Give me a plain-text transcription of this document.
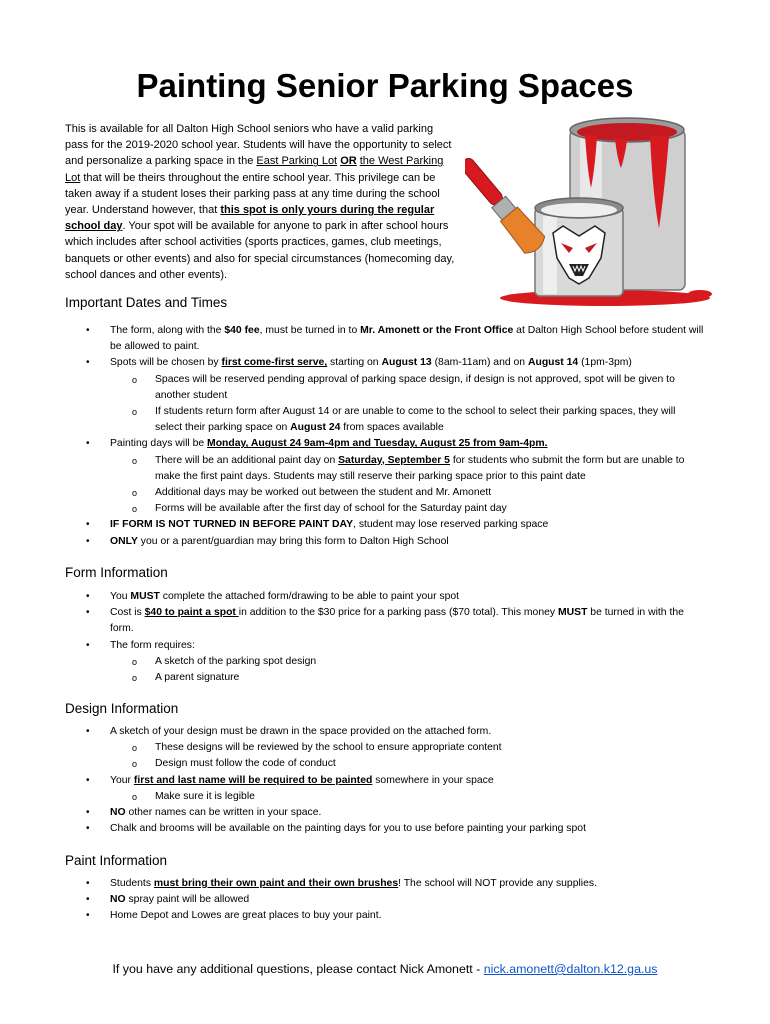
Painting Senior Parking Spaces

This is available for all Dalton High School seniors who have a valid parking pass for the 2019-2020 school year. Students will have the opportunity to select and personalize a parking space in the East Parking Lot OR the West Parking Lot that will be theirs throughout the entire school year. This privilege can be taken away if a student loses their parking pass at any time during the school year. Understand however, that this spot is only yours during the regular school day. Your spot will be available for anyone to park in after school hours which includes after school activities (sports practices, games, club meetings, banquets or other events) and also for special circumstances (homecoming day, school dances and other events).

Important Dates and Times
• The form, along with the $40 fee, must be turned in to Mr. Amonett or the Front Office at Dalton High School before student will be allowed to paint.
• Spots will be chosen by first come-first serve, starting on August 13 (8am-11am) and on August 14 (1pm-3pm)
o Spaces will be reserved pending approval of parking space design, if design is not approved, spot will be given to another student
o If students return form after August 14 or are unable to come to the school to select their parking spaces, they will select their parking space on August 24 from spaces available
• Painting days will be Monday, August 24 9am-4pm and Tuesday, August 25 from 9am-4pm.
o There will be an additional paint day on Saturday, September 5 for students who submit the form but are unable to make the first paint days. Students may still reserve their parking space prior to this paint date
o Additional days may be worked out between the student and Mr. Amonett
o Forms will be available after the first day of school for the Saturday paint day
• IF FORM IS NOT TURNED IN BEFORE PAINT DAY, student may lose reserved parking space
• ONLY you or a parent/guardian may bring this form to Dalton High School
Form Information
• You MUST complete the attached form/drawing to be able to paint your spot
• Cost is $40 to paint a spot in addition to the $30 price for a parking pass ($70 total). This money MUST be turned in with the form.
• The form requires:
o A sketch of the parking spot design
o A parent signature
Design Information
• A sketch of your design must be drawn in the space provided on the attached form.
o These designs will be reviewed by the school to ensure appropriate content
o Design must follow the code of conduct
• Your first and last name will be required to be painted somewhere in your space
o Make sure it is legible
• NO other names can be written in your space.
• Chalk and brooms will be available on the painting days for you to use before painting your parking spot
Paint Information
• Students must bring their own paint and their own brushes! The school will NOT provide any supplies.
• NO spray paint will be allowed
• Home Depot and Lowes are great places to buy your paint.

If you have any additional questions, please contact Nick Amonett - nick.amonett@dalton.k12.ga.us
